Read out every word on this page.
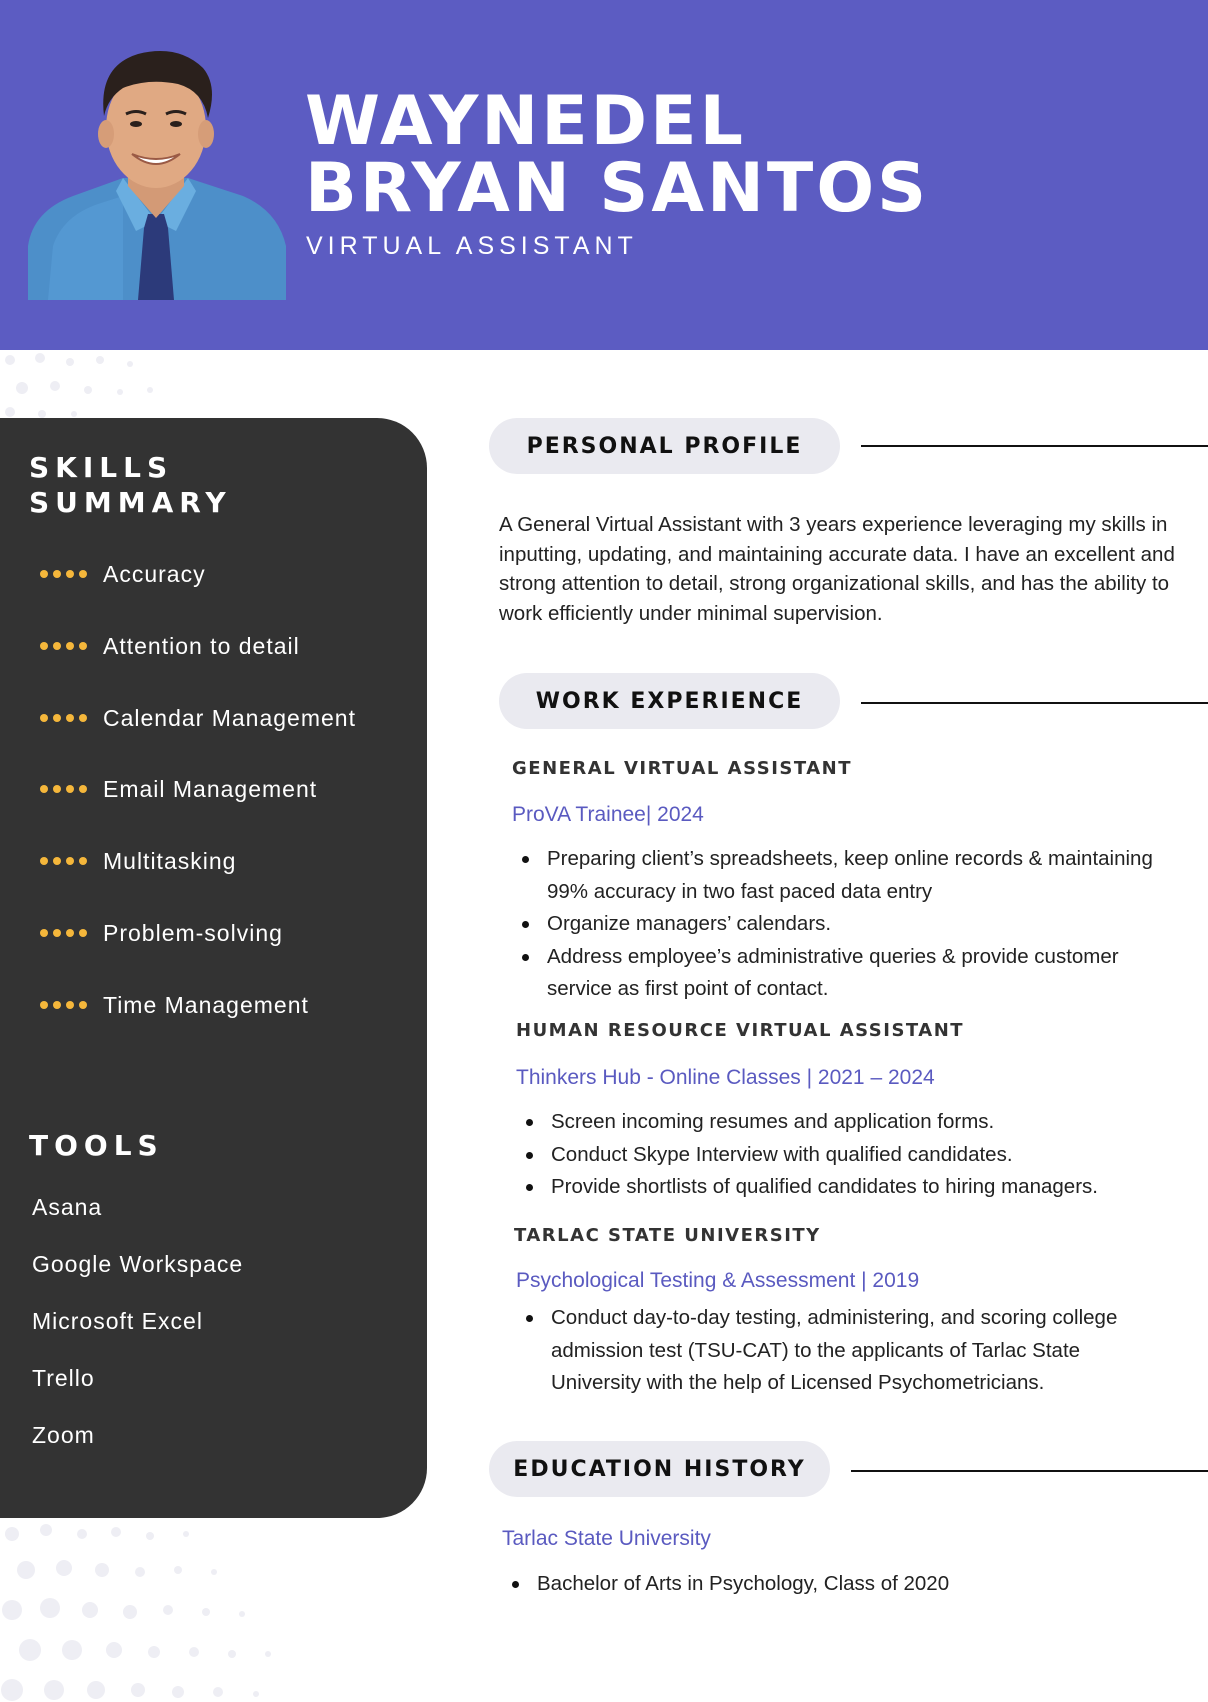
WAYNEDEL
BRYAN SANTOS
VIRTUAL ASSISTANT
SKILLS
SUMMARY
Accuracy
Attention to detail
Calendar Management
Email Management
Multitasking
Problem-solving
Time Management
TOOLS
Asana
Google Workspace
Microsoft Excel
Trello
Zoom
PERSONAL PROFILE
A General Virtual Assistant with 3 years experience leveraging my skills in inputting, updating, and maintaining accurate data. I have an excellent and strong attention to detail, strong organizational skills, and has the ability to work efficiently under minimal supervision.
WORK EXPERIENCE
GENERAL VIRTUAL ASSISTANT
ProVA Trainee| 2024
Preparing client’s spreadsheets, keep online records & maintaining 99% accuracy in two fast paced data entry
Organize managers’ calendars.
Address employee’s administrative queries & provide customer service as first point of contact.
HUMAN RESOURCE VIRTUAL ASSISTANT
Thinkers Hub - Online Classes | 2021 – 2024
Screen incoming resumes and application forms.
Conduct Skype Interview with qualified candidates.
Provide shortlists of qualified candidates to hiring managers.
TARLAC STATE UNIVERSITY
Psychological Testing & Assessment | 2019
Conduct day-to-day testing, administering, and scoring college admission test (TSU-CAT) to the applicants of Tarlac State University with the help of Licensed Psychometricians.
EDUCATION HISTORY
Tarlac State University
Bachelor of Arts in Psychology, Class of 2020
